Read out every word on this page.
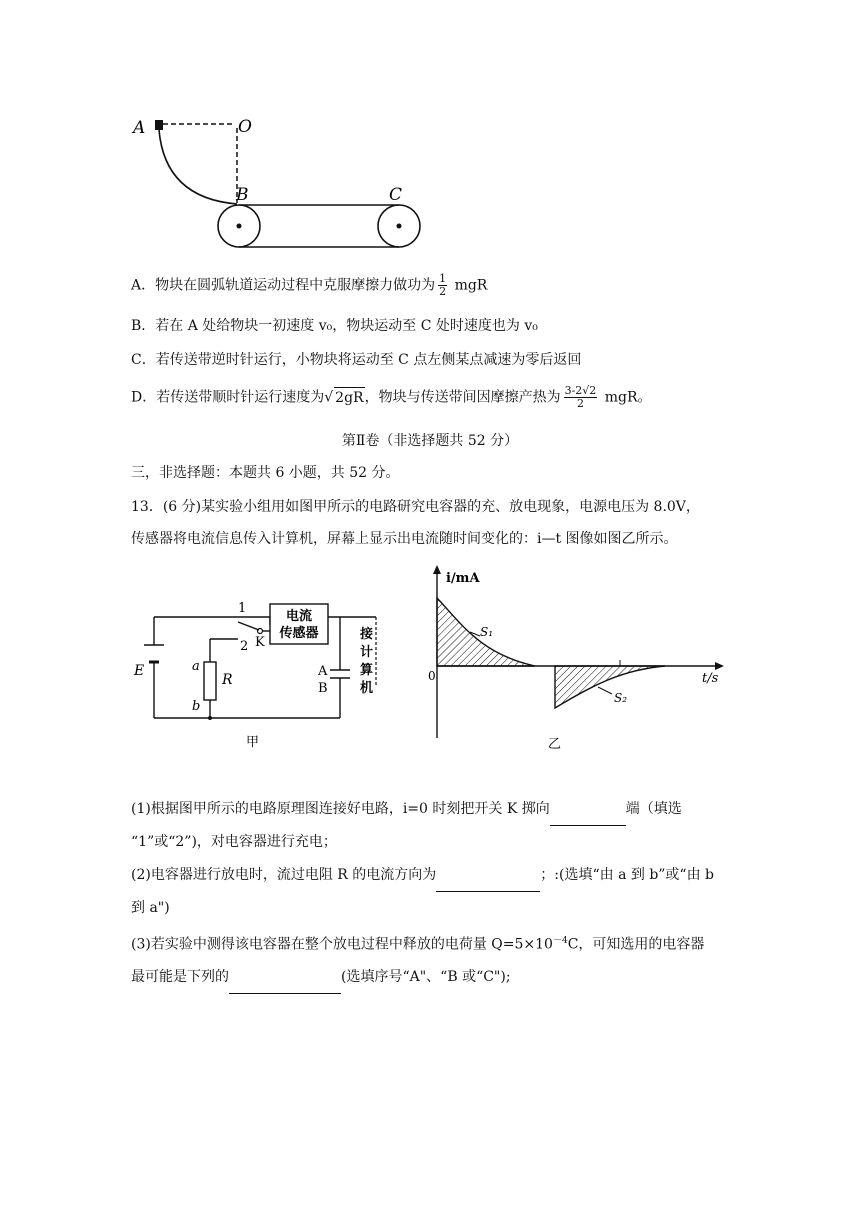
A	O
B	C
A．物块在圆弧轨道运动过程中克服摩擦力做功为 $\frac{1}{2}$ mgR
B．若在 A 处给物块一初速度 v₀，物块运动至 C 处时速度也为 v₀
C．若传送带逆时针运行，小物块将运动至 C 点左侧某点减速为零后返回
D．若传送带顺时针运行速度为√ 2gR，物块与传送带间因摩擦产热为 $\frac{3-2√2}{2}$ mgR。
第Ⅱ卷（非选择题共 52 分）
三，非选择题：本题共 6 小题，共 52 分。
13．(6 分)某实验小组用如图甲所示的电路研究电容器的充、放电现象，电源电压为 8.0V，
传感器将电流信息传入计算机，屏幕上显示出电流随时间变化的：i—t 图像如图乙所示。
E
1
K
2
a
R
b
电流
传感器
A
B
接
计
算
机
甲
i/mA
t/s
0
S₁
S₂
乙
(1)根据图甲所示的电路原理图连接好电路，i=0 时刻把开关 K 掷向	端（填选
“1”或“2”)，对电容器进行充电；
(2)电容器进行放电时，流过电阻 R 的电流方向为	；:(选填“由 a 到 b”或“由 b
到 a")
(3)若实验中测得该电容器在整个放电过程中释放的电荷量 $Q=5\times 10^{-4}C$，可知选用的电容器
最可能是下列的	(选填序号“A"、“B 或“C");
